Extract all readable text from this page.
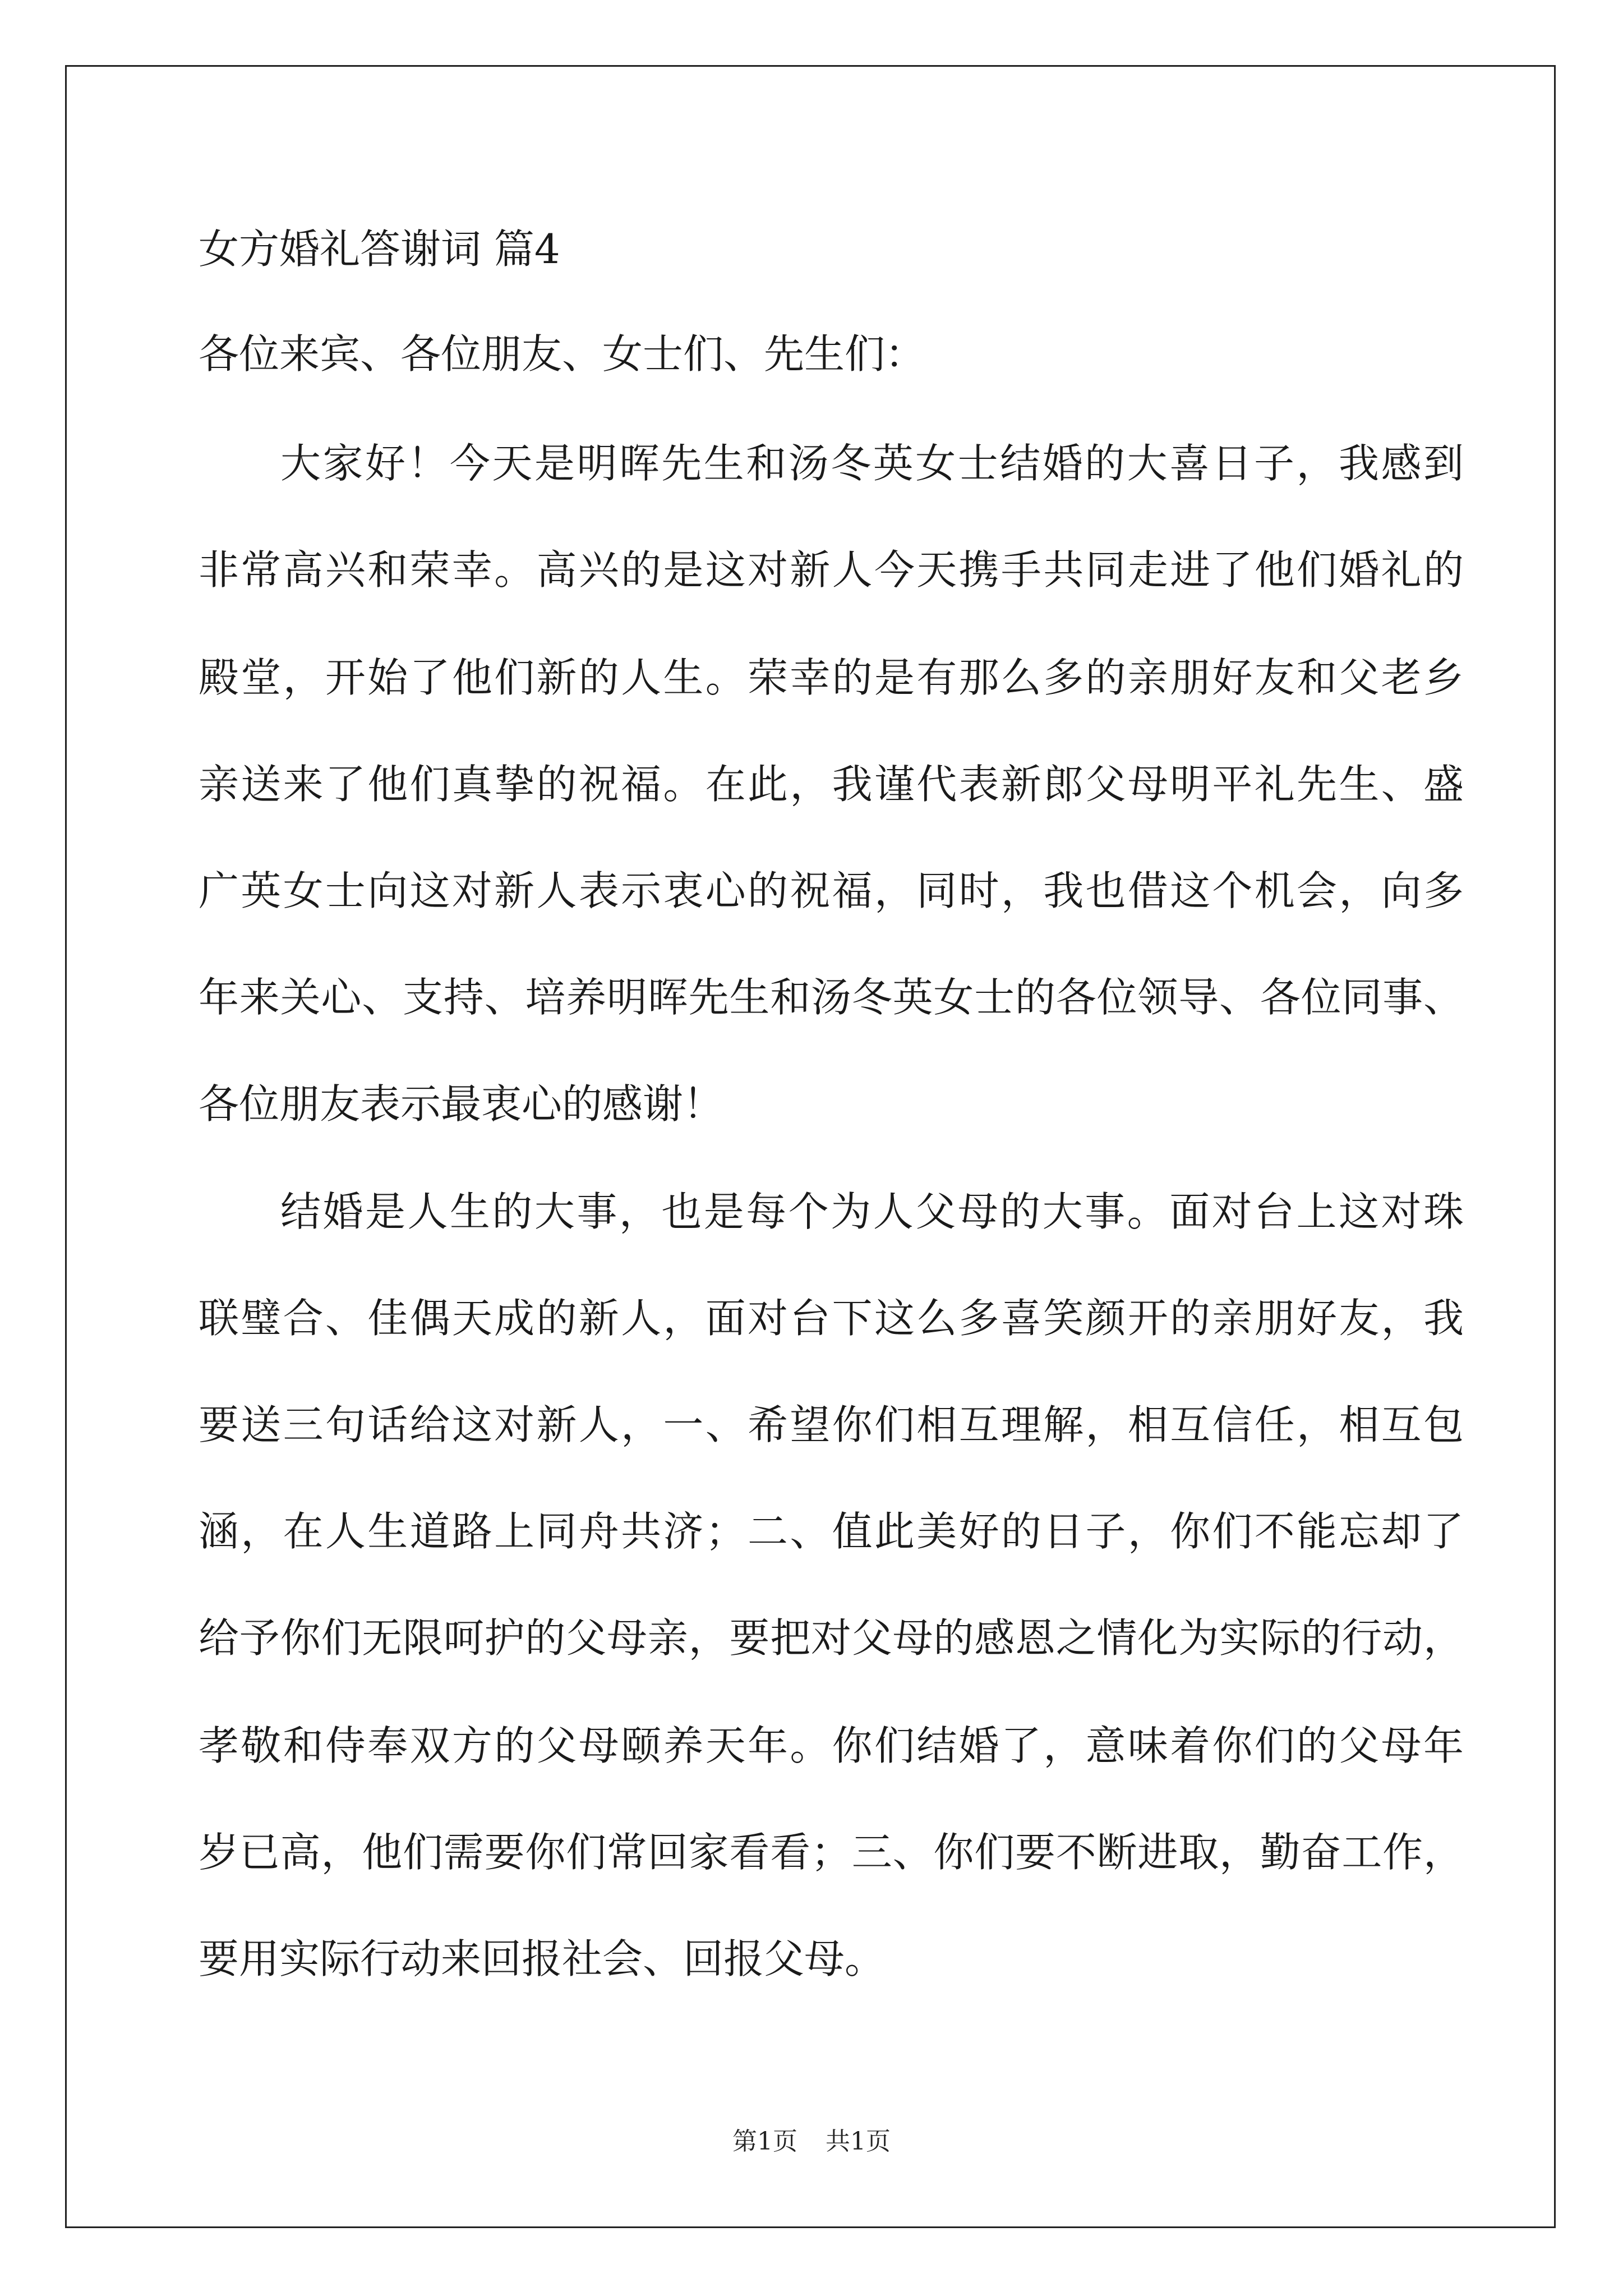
女方婚礼答谢词 篇4
各位来宾、各位朋友、女士们、先生们：
大家好！今天是明晖先生和汤冬英女士结婚的大喜日子，我感到
非常高兴和荣幸。高兴的是这对新人今天携手共同走进了他们婚礼的
殿堂，开始了他们新的人生。荣幸的是有那么多的亲朋好友和父老乡
亲送来了他们真挚的祝福。在此，我谨代表新郎父母明平礼先生、盛
广英女士向这对新人表示衷心的祝福，同时，我也借这个机会，向多
年来关心、支持、培养明晖先生和汤冬英女士的各位领导、各位同事、
各位朋友表示最衷心的感谢！
结婚是人生的大事，也是每个为人父母的大事。面对台上这对珠
联璧合、佳偶天成的新人，面对台下这么多喜笑颜开的亲朋好友，我
要送三句话给这对新人，一、希望你们相互理解，相互信任，相互包
涵，在人生道路上同舟共济；二、值此美好的日子，你们不能忘却了
给予你们无限呵护的父母亲，要把对父母的感恩之情化为实际的行动，
孝敬和侍奉双方的父母颐养天年。你们结婚了，意味着你们的父母年
岁已高，他们需要你们常回家看看；三、你们要不断进取，勤奋工作，
要用实际行动来回报社会、回报父母。
第1页 共1页
